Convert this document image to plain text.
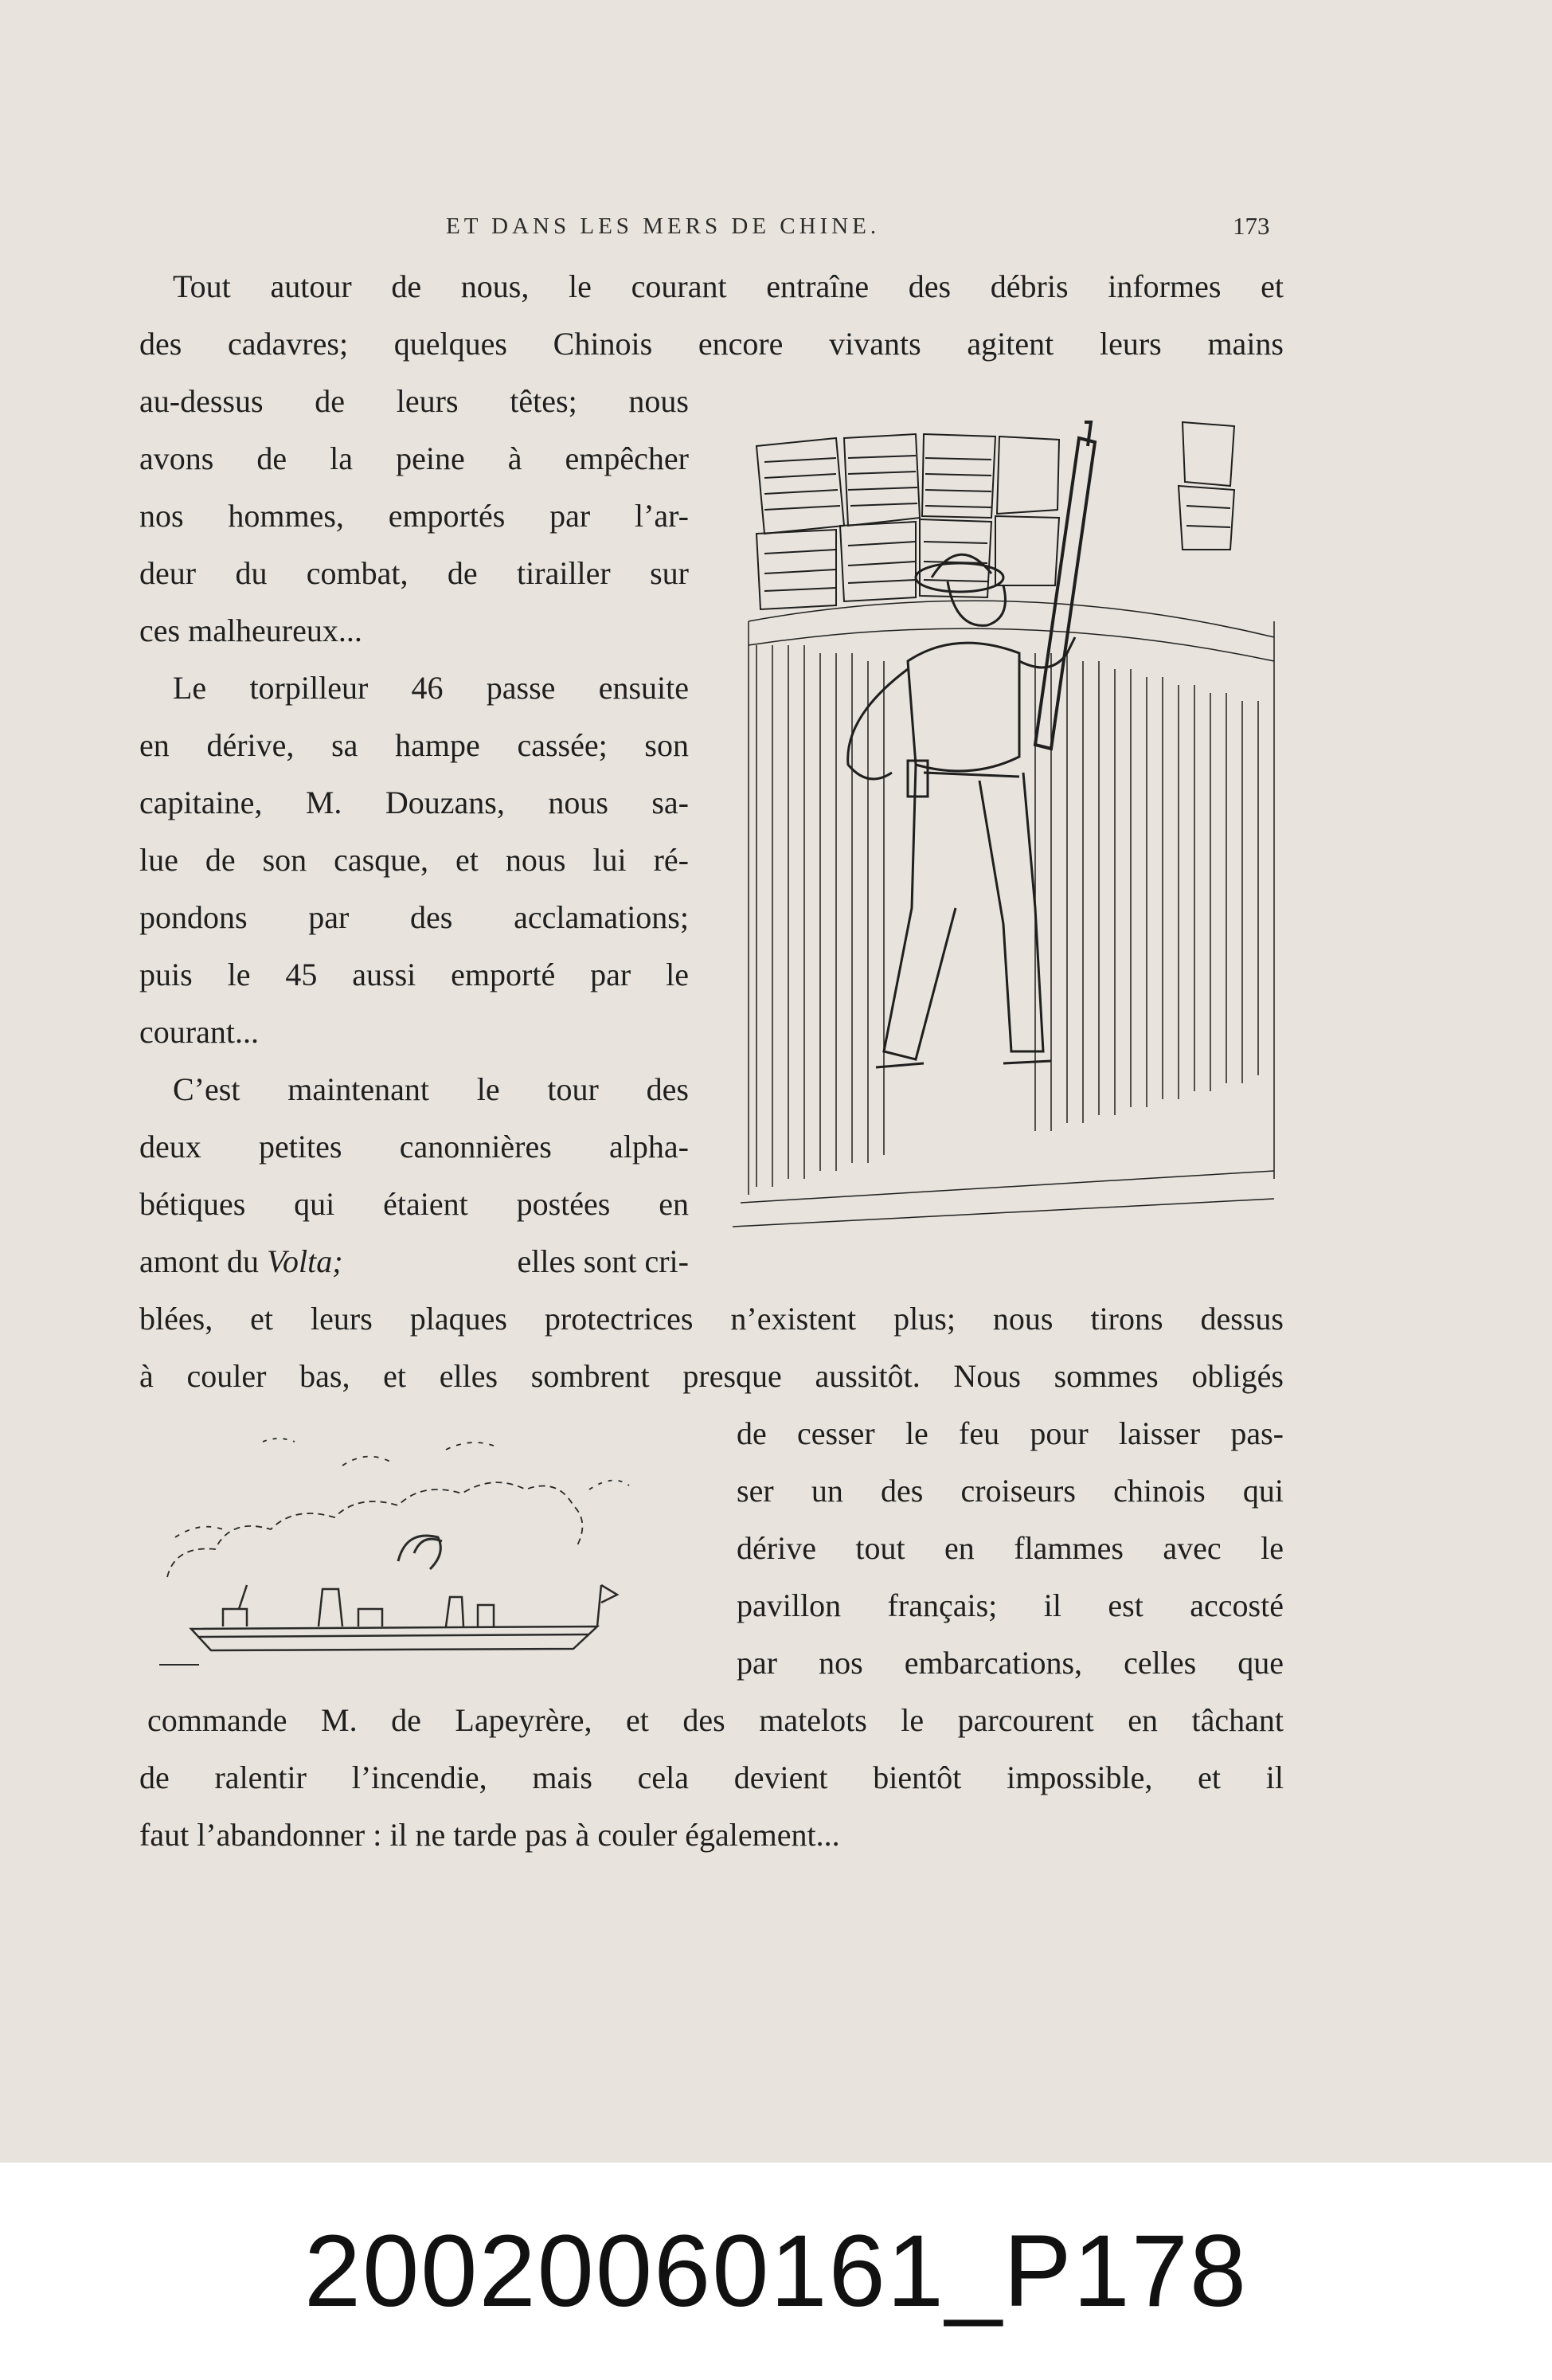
ET DANS LES MERS DE CHINE.	173
Tout autour de nous, le courant entraîne des débris informes et
des cadavres; quelques Chinois encore vivants agitent leurs mains
au-dessus de leurs têtes; nous
avons de la peine à empêcher
nos hommes, emportés par l’ar-
deur du combat, de tirailler sur
ces malheureux...
Le torpilleur 46 passe ensuite
en dérive, sa hampe cassée; son
capitaine, M. Douzans, nous sa-
lue de son casque, et nous lui ré-
pondons par des acclamations;
puis le 45 aussi emporté par le
courant...
C’est maintenant le tour des
deux petites canonnières alpha-
bétiques qui étaient postées en
amont du Volta;	elles sont cri-
blées, et leurs plaques protectrices n’existent plus; nous tirons dessus
à couler bas, et elles sombrent presque aussitôt. Nous sommes obligés
de cesser le feu pour laisser pas-
ser un des croiseurs chinois qui
dérive tout en flammes avec le
pavillon français; il est accosté
par nos embarcations, celles que
commande M. de Lapeyrère, et des matelots le parcourent en tâchant
de ralentir l’incendie, mais cela devient bientôt impossible, et il
faut l’abandonner : il ne tarde pas à couler également...
20020060161_P178
